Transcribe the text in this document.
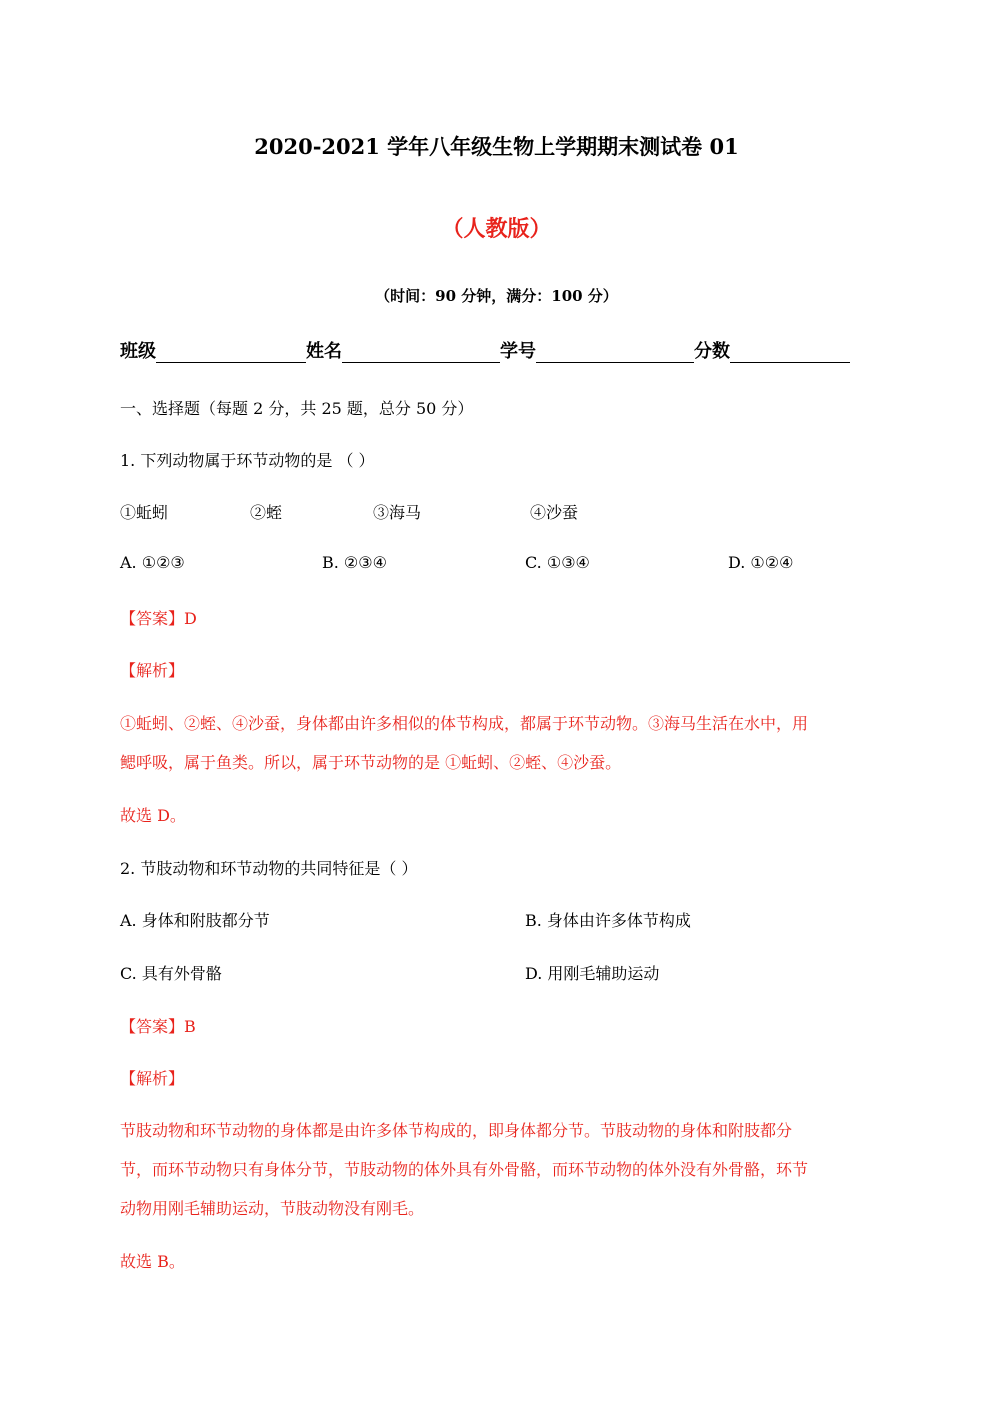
2020-2021 学年八年级生物上学期期末测试卷 01
（人教版）
（时间：90 分钟，满分：100 分）
班级	姓名	学号	分数
一、选择题（每题 2 分，共 25 题，总分 50 分）
1. 下列动物属于环节动物的是 （ ）
①蚯蚓	②蛭	③海马	④沙蚕
A. ①②③	B. ②③④	C. ①③④	D. ①②④
【答案】D
【解析】
①蚯蚓、②蛭、④沙蚕，身体都由许多相似的体节构成，都属于环节动物。③海马生活在水中，用
鳃呼吸，属于鱼类。所以，属于环节动物的是 ①蚯蚓、②蛭、④沙蚕。
故选 D。
2. 节肢动物和环节动物的共同特征是（ ）
A. 身体和附肢都分节	B. 身体由许多体节构成
C. 具有外骨骼	D. 用刚毛辅助运动
【答案】B
【解析】
节肢动物和环节动物的身体都是由许多体节构成的，即身体都分节。节肢动物的身体和附肢都分
节，而环节动物只有身体分节，节肢动物的体外具有外骨骼，而环节动物的体外没有外骨骼，环节
动物用刚毛辅助运动，节肢动物没有刚毛。
故选 B。
